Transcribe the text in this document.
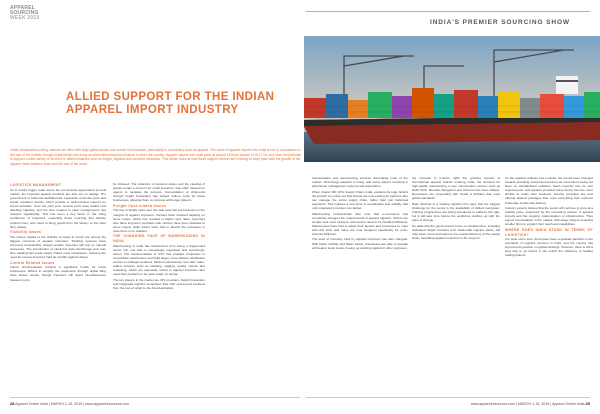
APPAREL
SOURCING
WEEK 2019
INDIA'S PREMIER SOURCING SHOW
ALLIED SUPPORT FOR THE INDIAN APPAREL IMPORT INDUSTRY
Indian wholesale/sourcing markets are filled with large global stocks and unsold merchandise, particularly in an industry such as apparel. The value of apparel imports into India is low in comparison to the size of the market, though import levels are rising as international brands continue to enter the country. Apparel imports into India grew at around 18% per annum in 2017-18, and have the potential to support a wide variety of services in allied industries such as freight, logistics and customs clearance. This article looks at how these support sectors are evolving to keep pace with the growth of the apparel trade between India and the rest of the world.
LOGISTICS MANAGEMENT
As Is retail's bigger retail stores are prominently appreciated at local market, the imported apparel products are also put on display. The government of India has facilitated the expansion of private ports and inland container depots which provide a well-rounded support for import activities. Over the past year, several ports have added new handling capacity, and the time needed to clear consignments has dropped significantly. This has been a key factor in the rising confidence of importers, especially those sourcing fast fashion product lines, who need to bring goods from the factory to the shop floor quickly.
Visibility Issues
The issues related to the visibility of cargo in transit are among the biggest concerns of apparel importers. Tracking systems have improved considerably, though smaller importers still rely on manual processes. The introduction of electronic data interchange and real-time tracking has made supply chains more transparent, reducing the need for excess inventory held as a buffer against delays.
Control Related Issues
Import documentation remains a significant hurdle for many businesses. Efforts to simplify the paperwork through digital filing have shown results, though importers still report inconsistencies between ports.
be followed. The collection of customs duties and the clearing of goods remain a concern for small importers, who often depend on agents to navigate the process. Consolidation of shipments through freight forwarders has helped reduce costs for these businesses, allowing them to compete with larger players.
Freight Cost-related Issues
The rise in freight rates over the past year has put pressure on the margins of apparel importers. Carriers have reduced capacity on some routes, which has resulted in higher spot rates. Importers who have long-term contracts with carriers have been shielded to some extent, while others have had to absorb the increases or pass them on to retailers.
THE CHANGING FACE OF WAREHOUSING IN INDIA
Warehousing in India has transformed from being a fragmented sector into one that is increasingly organised and technology-driven. The implementation of GST has enabled companies to consolidate warehouses and build larger, more efficient distribution centres in strategic locations. Modern warehouses now offer value-added services such as labelling, tagging, quality checks and repacking, which are especially useful to apparel importers who need their products to be store-ready on arrival.
The key players in the market are 3PL providers, freight forwarders and integrated logistics companies that offer end-to-end solutions from the port of origin to the final destination.
transportation and warehousing services dominating most of the market. Technology adoption is rising, with many players investing in warehouse management systems and automation.
When Anand, MD, DHL Supply Chain, India, explains the logic behind the growth, he points out that brands are now looking for partners who can manage the entire supply chain, rather than just individual segments. This requires a new level of coordination and visibility that only integrated providers can deliver.
Warehousing professionals also note that e-commerce has completely changed the requirements of apparel logistics. Orders are smaller and more frequent, and returns need to be handled efficiently. Warehouses have had to adapt their layouts and processes to cope with this shift, and many are now designed specifically for omni-channel fulfilment.
The level of inventory held by apparel importers has also changed. With better visibility and faster transit, businesses are able to operate with leaner stock levels, freeing up working capital for other purposes.
the increase in imports. With the growing number of international apparel brands entering India, the demand for high-quality warehousing in key consumption centres such as Delhi NCR, Mumbai, Bengaluru and Chennai has risen sharply. Developers are responding with Grade A facilities that meet global standards.
Rajiv Sharma of a leading logistics firm says that the biggest challenge for the sector is the availability of skilled manpower. Training programmes are being introduced to address this gap, but it will take time before the workforce catches up with the pace of change.
He adds that the government's focus on infrastructure, including dedicated freight corridors and multimodal logistics parks, will help lower costs and improve the overall efficiency of the supply chain, benefiting apparel importers in the long run.
As the logistics industry has evolved, the trends have changed towards providing customised services as most clients being not keen on standardised solutions. Each importer has its own requirements, and logistics providers have had to become more flexible to retain their business. Service providers are now offering tailored packages that cover everything from customs brokerage to last-mile delivery.
Industry experts believe that the sector will continue to grow at a healthy pace, supported by the increasing volume of apparel imports and the ongoing modernisation of infrastructure. They expect consolidation in the market, with larger players acquiring smaller firms to expand their reach and capabilities.
WHERE DOES INDIA STAND IN TERMS OF LOGISTICS?
For quite some time, there have been a gradual transition in the standards of logistics services in India, and the country has improved its position on global rankings. However, there is still a long way to go before it can match the efficiency of leading trading nations.
28 Apparel Online India | MARCH 1-15, 2019 | www.apparelresources.com	www.apparelresources.com | MARCH 1-15, 2019 | Apparel Online India 29
